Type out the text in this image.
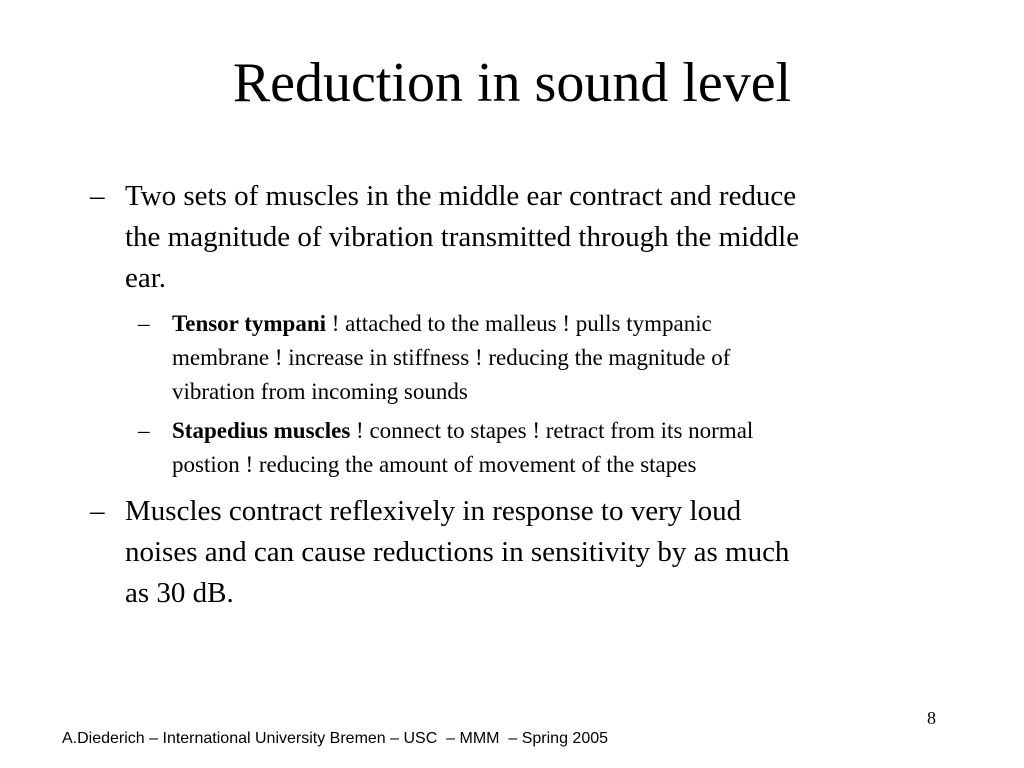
Reduction in sound level
– Two sets of muscles in the middle ear contract and reduce
the magnitude of vibration transmitted through the middle
ear.
– Tensor tympani ! attached to the malleus ! pulls tympanic
membrane ! increase in stiffness ! reducing the magnitude of
vibration from incoming sounds
– Stapedius muscles ! connect to stapes ! retract from its normal
postion ! reducing the amount of movement of the stapes
– Muscles contract reflexively in response to very loud
noises and can cause reductions in sensitivity by as much
as 30 dB.
8
A.Diederich – International University Bremen – USC  – MMM  – Spring 2005
